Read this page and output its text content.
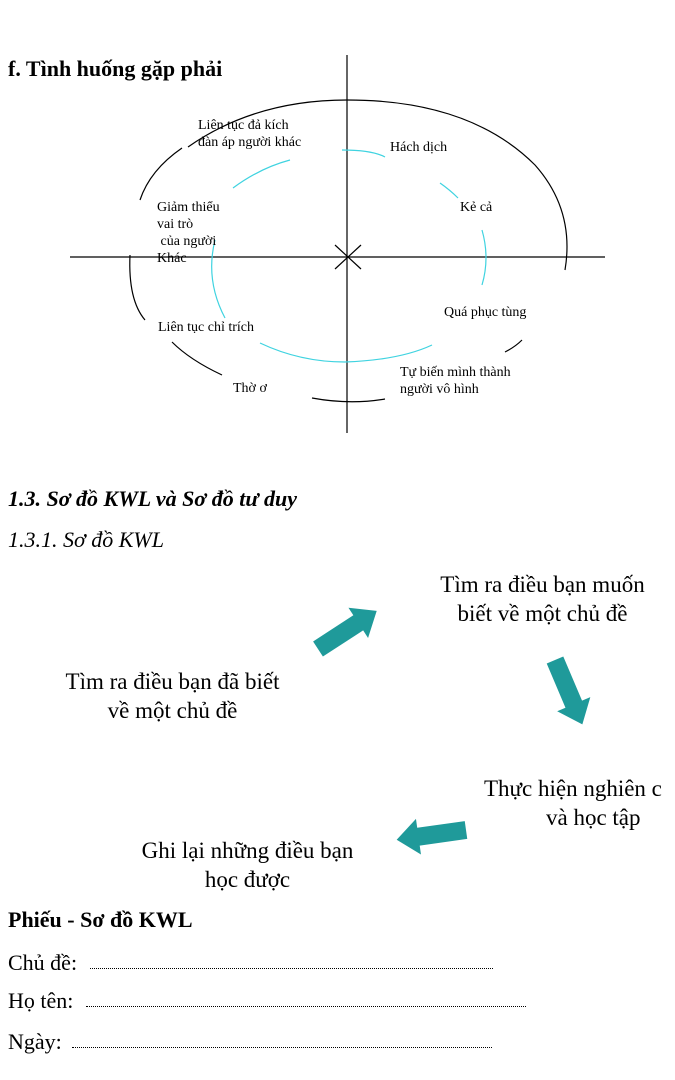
f. Tình huống gặp phải
Liên tục đả kích
đàn áp người khác	Hách dịch
Kẻ cả
Giảm thiểu
vai trò
của người
Khác
Quá phục tùng
Liên tục chỉ trích
Tự biến mình thành
người vô hình
Thờ ơ
1.3. Sơ đồ KWL và Sơ đồ tư duy
1.3.1. Sơ đồ KWL
Tìm ra điều bạn đã biết
về một chủ đề
Tìm ra điều bạn muốn
biết về một chủ đề
Thực hiện nghiên c
và học tập
Ghi lại những điều bạn
học được
Phiếu - Sơ đồ KWL
Chủ đề:
Họ tên:
Ngày:
